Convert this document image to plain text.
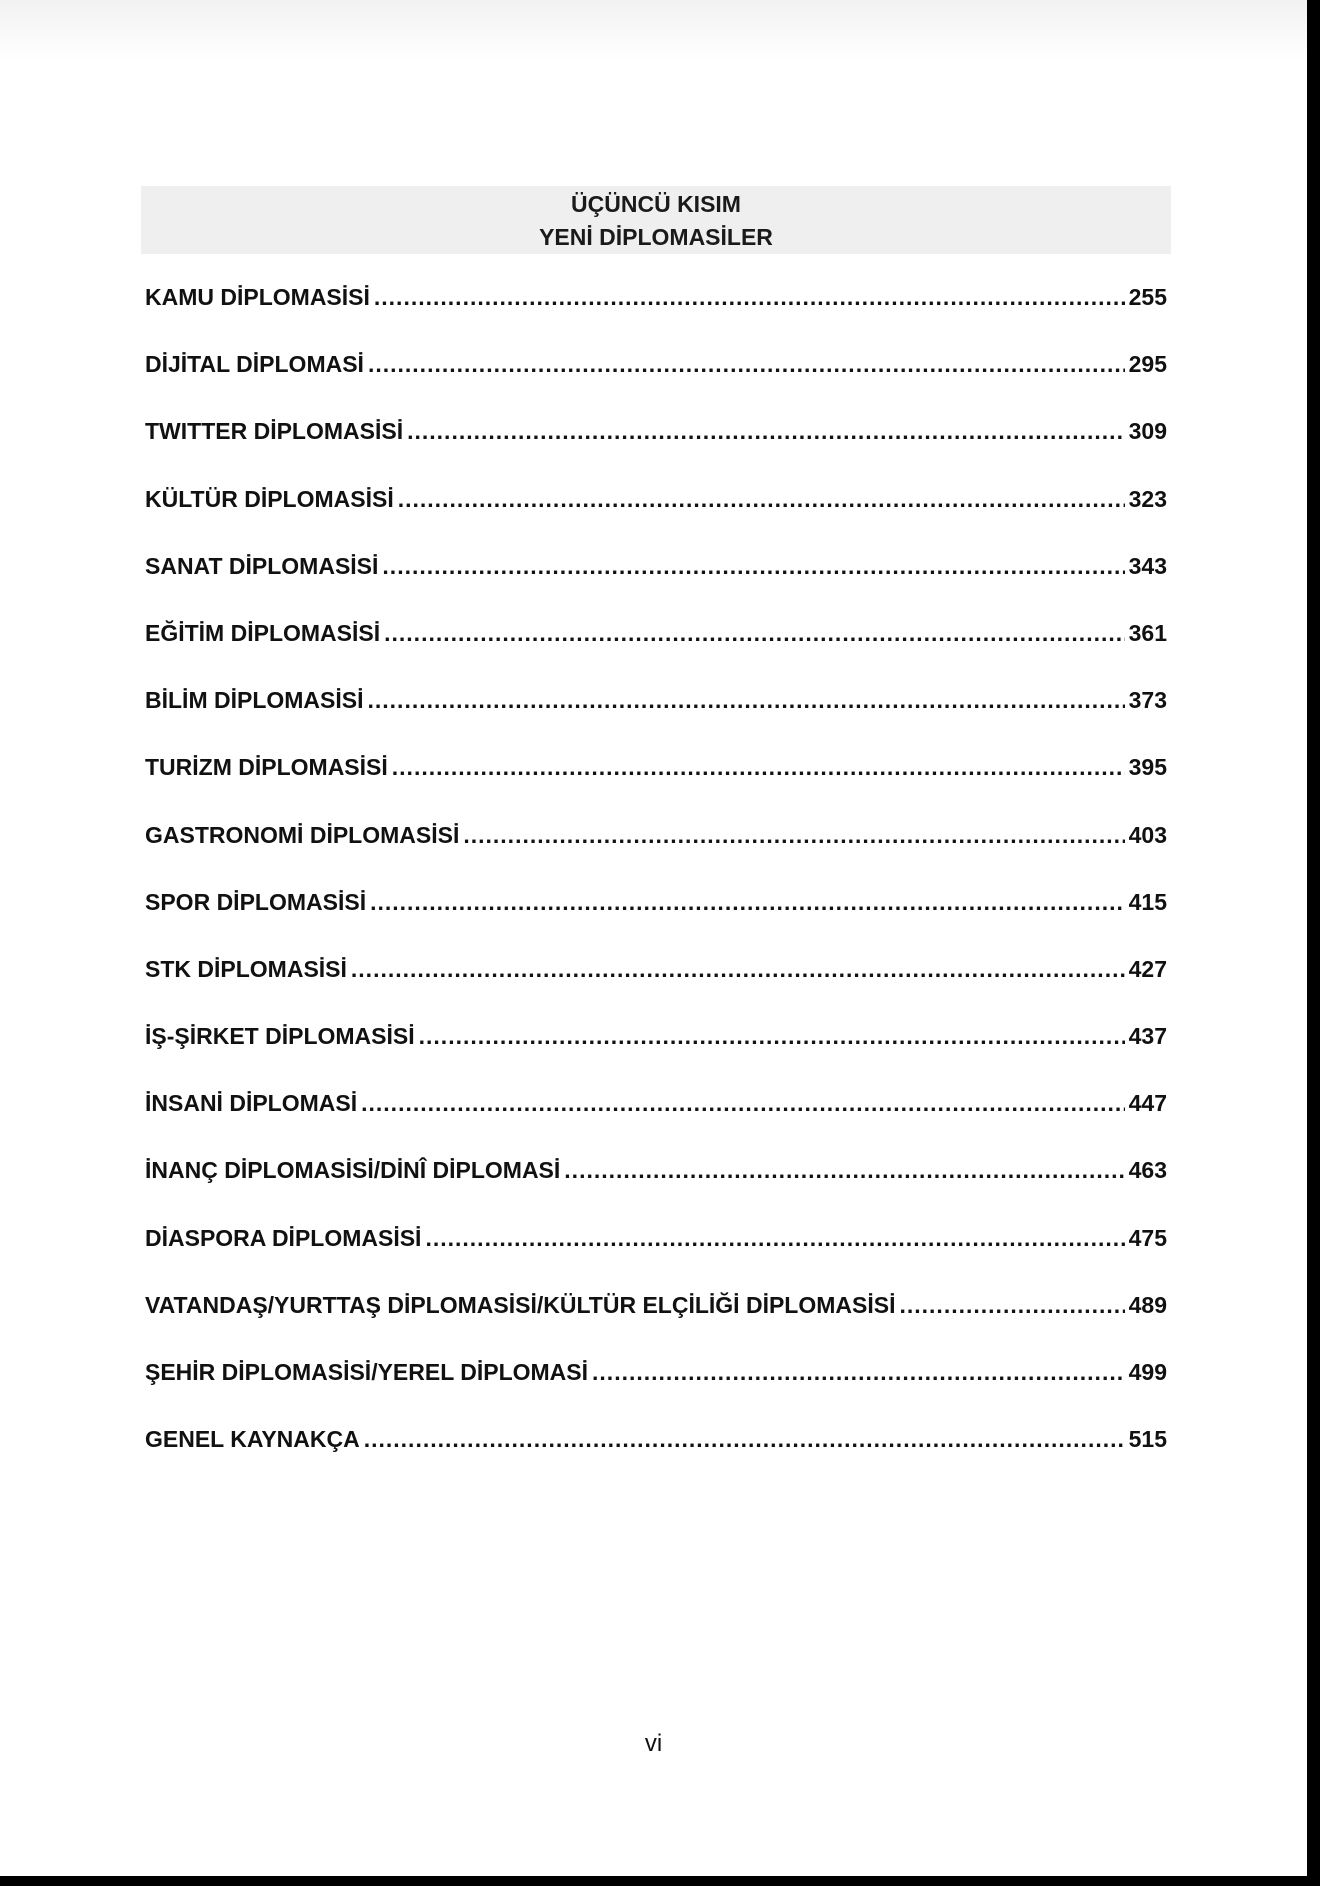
ÜÇÜNCÜ KISIM
YENİ DİPLOMASİLER
KAMU DİPLOMASİSİ .....	255
DİJİTAL DİPLOMASİ .....	295
TWITTER DİPLOMASİSİ .....	309
KÜLTÜR DİPLOMASİSİ .....	323
SANAT DİPLOMASİSİ .....	343
EĞİTİM DİPLOMASİSİ .....	361
BİLİM DİPLOMASİSİ .....	373
TURİZM DİPLOMASİSİ .....	395
GASTRONOMİ DİPLOMASİSİ .....	403
SPOR DİPLOMASİSİ .....	415
STK DİPLOMASİSİ .....	427
İŞ-ŞİRKET DİPLOMASİSİ .....	437
İNSANİ DİPLOMASİ .....	447
İNANÇ DİPLOMASİSİ/DİNÎ DİPLOMASİ .....	463
DİASPORA DİPLOMASİSİ .....	475
VATANDAŞ/YURTTAŞ DİPLOMASİSİ/KÜLTÜR ELÇİLİĞİ DİPLOMASİSİ .....	489
ŞEHİR DİPLOMASİSİ/YEREL DİPLOMASİ .....	499
GENEL KAYNAKÇA .....	515
vi
